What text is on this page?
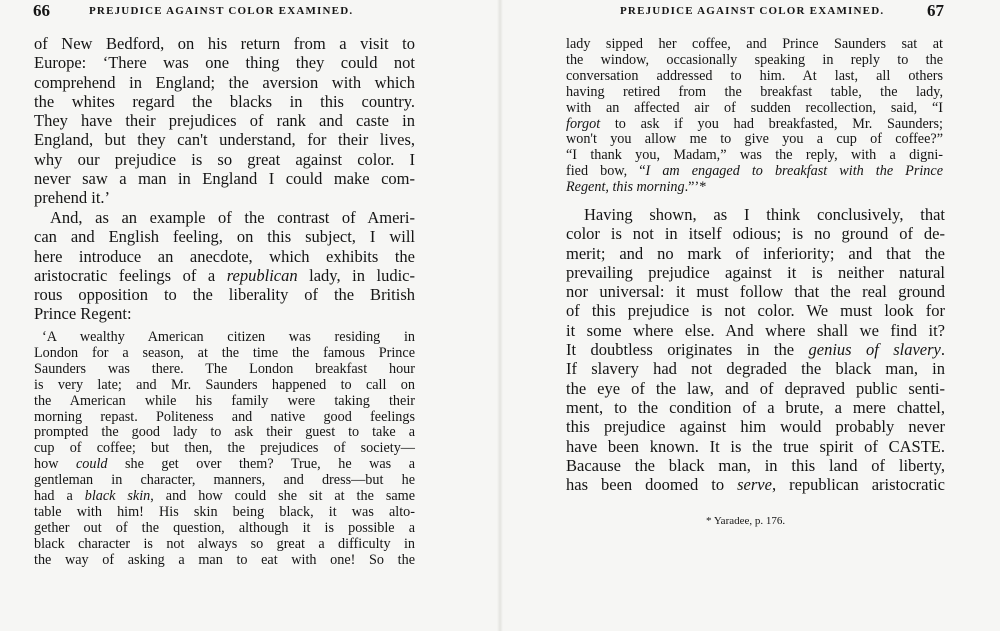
66	PREJUDICE AGAINST COLOR EXAMINED.
of New Bedford, on his return from a visit to
Europe: ‘There was one thing they could not
comprehend in England; the aversion with which
the whites regard the blacks in this country.
They have their prejudices of rank and caste in
England, but they can't understand, for their lives,
why our prejudice is so great against color. I
never saw a man in England I could make com-
prehend it.’
And, as an example of the contrast of Ameri-
can and English feeling, on this subject, I will
here introduce an anecdote, which exhibits the
aristocratic feelings of a republican lady, in ludic-
rous opposition to the liberality of the British
Prince Regent:
‘A wealthy American citizen was residing in
London for a season, at the time the famous Prince
Saunders was there. The London breakfast hour
is very late; and Mr. Saunders happened to call on
the American while his family were taking their
morning repast. Politeness and native good feelings
prompted the good lady to ask their guest to take a
cup of coffee; but then, the prejudices of society—
how could she get over them? True, he was a
gentleman in character, manners, and dress—but he
had a black skin, and how could she sit at the same
table with him! His skin being black, it was alto-
gether out of the question, although it is possible a
black character is not always so great a difficulty in
the way of asking a man to eat with one! So the
PREJUDICE AGAINST COLOR EXAMINED.	67
lady sipped her coffee, and Prince Saunders sat at
the window, occasionally speaking in reply to the
conversation addressed to him. At last, all others
having retired from the breakfast table, the lady,
with an affected air of sudden recollection, said, “I
forgot to ask if you had breakfasted, Mr. Saunders;
won't you allow me to give you a cup of coffee?”
“I thank you, Madam,” was the reply, with a digni-
fied bow, “I am engaged to breakfast with the Prince
Regent, this morning.”’*
Having shown, as I think conclusively, that
color is not in itself odious; is no ground of de-
merit; and no mark of inferiority; and that the
prevailing prejudice against it is neither natural
nor universal: it must follow that the real ground
of this prejudice is not color. We must look for
it some where else. And where shall we find it?
It doubtless originates in the genius of slavery.
If slavery had not degraded the black man, in
the eye of the law, and of depraved public senti-
ment, to the condition of a brute, a mere chattel,
this prejudice against him would probably never
have been known. It is the true spirit of CASTE.
Bacause the black man, in this land of liberty,
has been doomed to serve, republican aristocratic
* Yaradee, p. 176.
